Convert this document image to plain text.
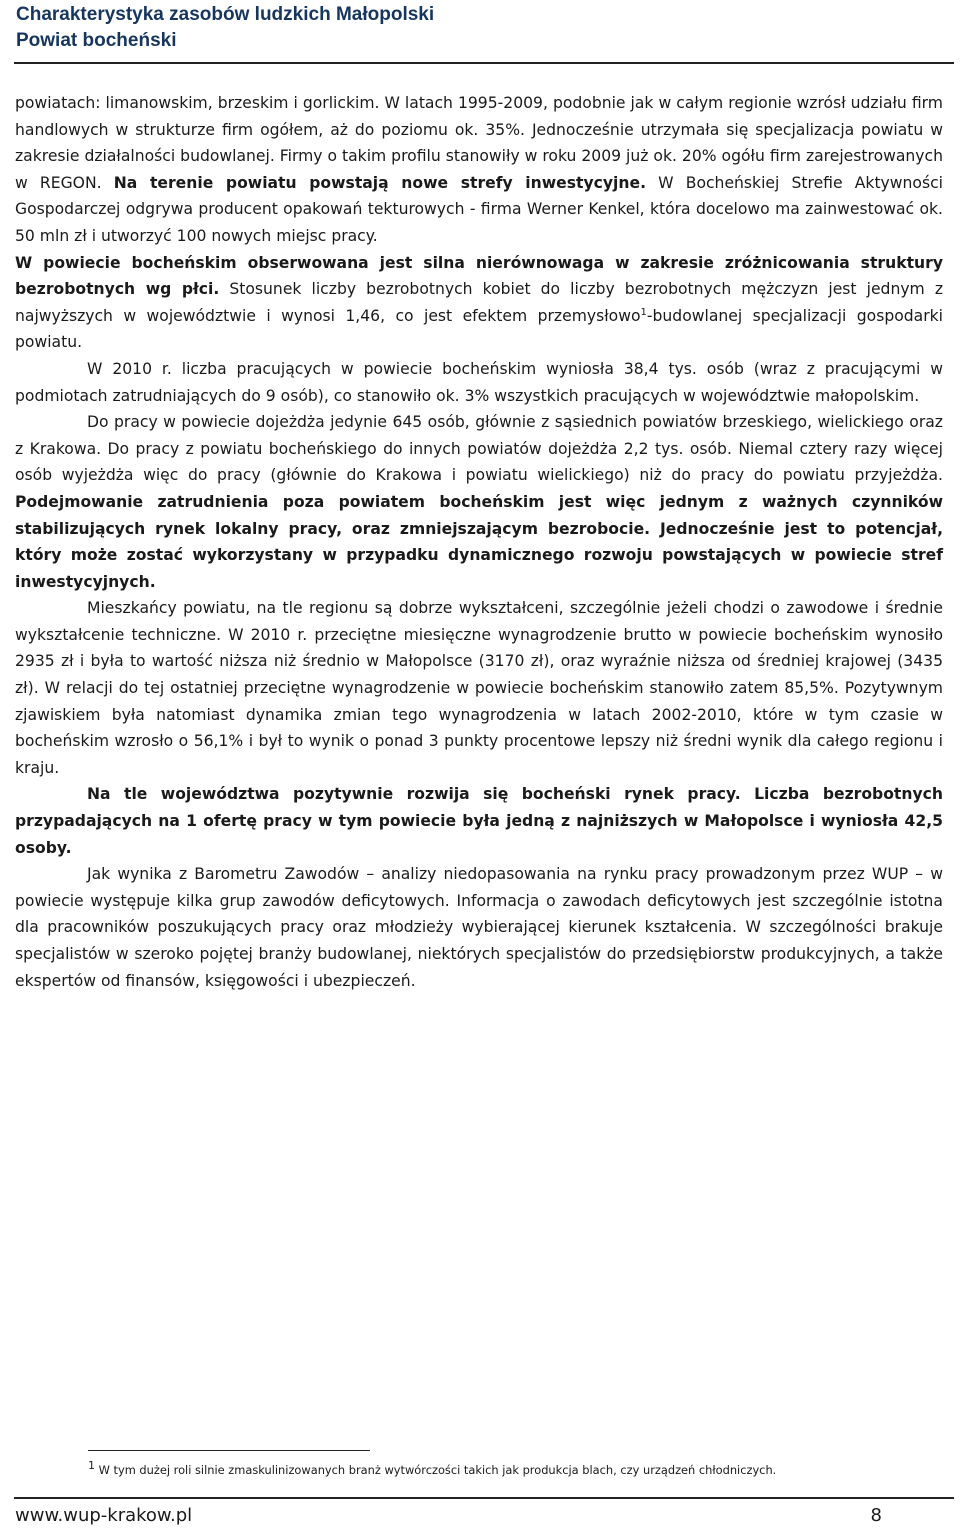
Charakterystyka zasobów ludzkich Małopolski
Powiat bocheński

powiatach: limanowskim, brzeskim i gorlickim. W latach 1995-2009, podobnie jak w całym regionie wzrósł udziału firm handlowych w strukturze firm ogółem, aż do poziomu ok. 35%. Jednocześnie utrzymała się specjalizacja powiatu w zakresie działalności budowlanej. Firmy o takim profilu stanowiły w roku 2009 już ok. 20% ogółu firm zarejestrowanych w REGON. Na terenie powiatu powstają nowe strefy inwestycyjne. W Bocheńskiej Strefie Aktywności Gospodarczej odgrywa producent opakowań tekturowych - firma Werner Kenkel, która docelowo ma zainwestować ok. 50 mln zł i utworzyć 100 nowych miejsc pracy.

W powiecie bocheńskim obserwowana jest silna nierównowaga w zakresie zróżnicowania struktury bezrobotnych wg płci. Stosunek liczby bezrobotnych kobiet do liczby bezrobotnych mężczyzn jest jednym z najwyższych w województwie i wynosi 1,46, co jest efektem przemysłowo$^1$-budowlanej specjalizacji gospodarki powiatu.

W 2010 r. liczba pracujących w powiecie bocheńskim wyniosła 38,4 tys. osób (wraz z pracującymi w podmiotach zatrudniających do 9 osób), co stanowiło ok. 3% wszystkich pracujących w województwie małopolskim.

Do pracy w powiecie dojeżdża jedynie 645 osób, głównie z sąsiednich powiatów brzeskiego, wielickiego oraz z Krakowa. Do pracy z powiatu bocheńskiego do innych powiatów dojeżdża 2,2 tys. osób. Niemal cztery razy więcej osób wyjeżdża więc do pracy (głównie do Krakowa i powiatu wielickiego) niż do pracy do powiatu przyjeżdża. Podejmowanie zatrudnienia poza powiatem bocheńskim jest więc jednym z ważnych czynników stabilizujących rynek lokalny pracy, oraz zmniejszającym bezrobocie. Jednocześnie jest to potencjał, który może zostać wykorzystany w przypadku dynamicznego rozwoju powstających w powiecie stref inwestycyjnych.

Mieszkańcy powiatu, na tle regionu są dobrze wykształceni, szczególnie jeżeli chodzi o zawodowe i średnie wykształcenie techniczne. W 2010 r. przeciętne miesięczne wynagrodzenie brutto w powiecie bocheńskim wynosiło 2935 zł i była to wartość niższa niż średnio w Małopolsce (3170 zł), oraz wyraźnie niższa od średniej krajowej (3435 zł). W relacji do tej ostatniej przeciętne wynagrodzenie w powiecie bocheńskim stanowiło zatem 85,5%. Pozytywnym zjawiskiem była natomiast dynamika zmian tego wynagrodzenia w latach 2002-2010, które w tym czasie w bocheńskim wzrosło o 56,1% i był to wynik o ponad 3 punkty procentowe lepszy niż średni wynik dla całego regionu i kraju.

Na tle województwa pozytywnie rozwija się bocheński rynek pracy. Liczba bezrobotnych przypadających na 1 ofertę pracy w tym powiecie była jedną z najniższych w Małopolsce i wyniosła 42,5 osoby.

Jak wynika z Barometru Zawodów – analizy niedopasowania na rynku pracy prowadzonym przez WUP – w powiecie występuje kilka grup zawodów deficytowych. Informacja o zawodach deficytowych jest szczególnie istotna dla pracowników poszukujących pracy oraz młodzieży wybierającej kierunek kształcenia. W szczególności brakuje specjalistów w szeroko pojętej branży budowlanej, niektórych specjalistów do przedsiębiorstw produkcyjnych, a także ekspertów od finansów, księgowości i ubezpieczeń.

$^1$ W tym dużej roli silnie zmaskulinizowanych branż wytwórczości takich jak produkcja blach, czy urządzeń chłodniczych.
www.wup-krakow.pl	8
